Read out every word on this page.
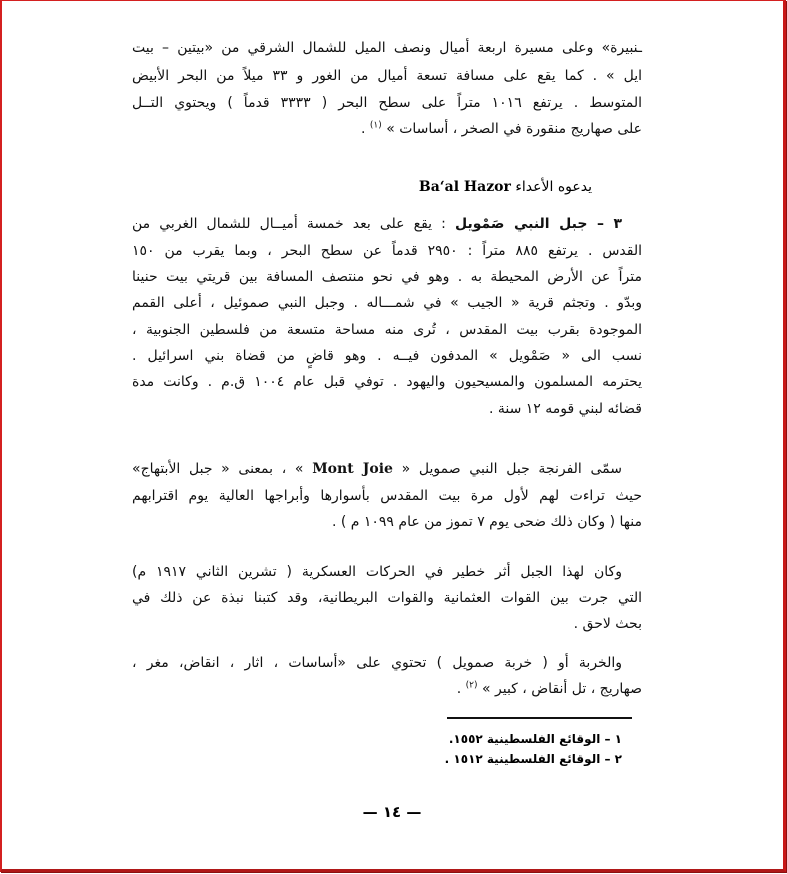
ـنبيرة» وعلى مسيرة اربعة أميال ونصف الميل للشمال الشرقي من «بيتين – بيت
ايل » . كما يقع على مسافة تسعة أميال من الغور و ٣٣ ميلاً من البحر الأبيض
المتوسط . يرتفع ١٠١٦ متراً على سطح البحر ( ٣٣٣٣ قدماً ) ويحتوي التــل
على صهاريج منقورة في الصخر ، أساسات » $^{(١)}$ .
يدعوه الأعداء Ba‘al Hazor
٣ – جبل النبي صَمْويل : يقع على بعد خمسة أميــال للشمال الغربي من
القدس . يرتفع ٨٨٥ متراً : ٢٩٥٠ قدماً عن سطح البحر ، وبما يقرب من ١٥٠
متراً عن الأرض المحيطة به . وهو في نحو منتصف المسافة بين قريتي بيت حنينا
وبدّو . وتجثم قرية « الجيب » في شمـــاله . وجبل النبي صموئيل ، أعلى القمم
الموجودة بقرب بيت المقدس ، تُرى منه مساحة متسعة من فلسطين الجنوبية ،
نسب الى « صَمْويل » المدفون فيــه . وهو قاضٍ من قضاة بني اسرائيل .
يحترمه المسلمون والمسيحيون واليهود . توفي قبل عام ١٠٠٤ ق.م . وكانت مدة
قضائه لبني قومه ١٢ سنة .
سمّى الفرنجة جبل النبي صمويل « Mont Joie » ، بمعنى « جبل الأبتهاج»
حيث تراءت لهم لأول مرة بيت المقدس بأسوارها وأبراجها العالية يوم اقترابهم
منها ( وكان ذلك ضحى يوم ٧ تموز من عام ١٠٩٩ م ) .
وكان لهذا الجبل أثر خطير في الحركات العسكرية ( تشرين الثاني ١٩١٧ م)
التي جرت بين القوات العثمانية والقوات البريطانية، وقد كتبنا نبذة عن ذلك في
بحث لاحق .
والخربة أو ( خربة صمويل ) تحتوي على «أساسات ، اثار ، انقاض، مغر ،
صهاريج ، تل أنقاض ، كبير » $^{(٢)}$ .
١ – الوقائع الفلسطينية ١٥٥٢.
٢ – الوقائع الفلسطينية ١٥١٢ .
— ١٤ —
